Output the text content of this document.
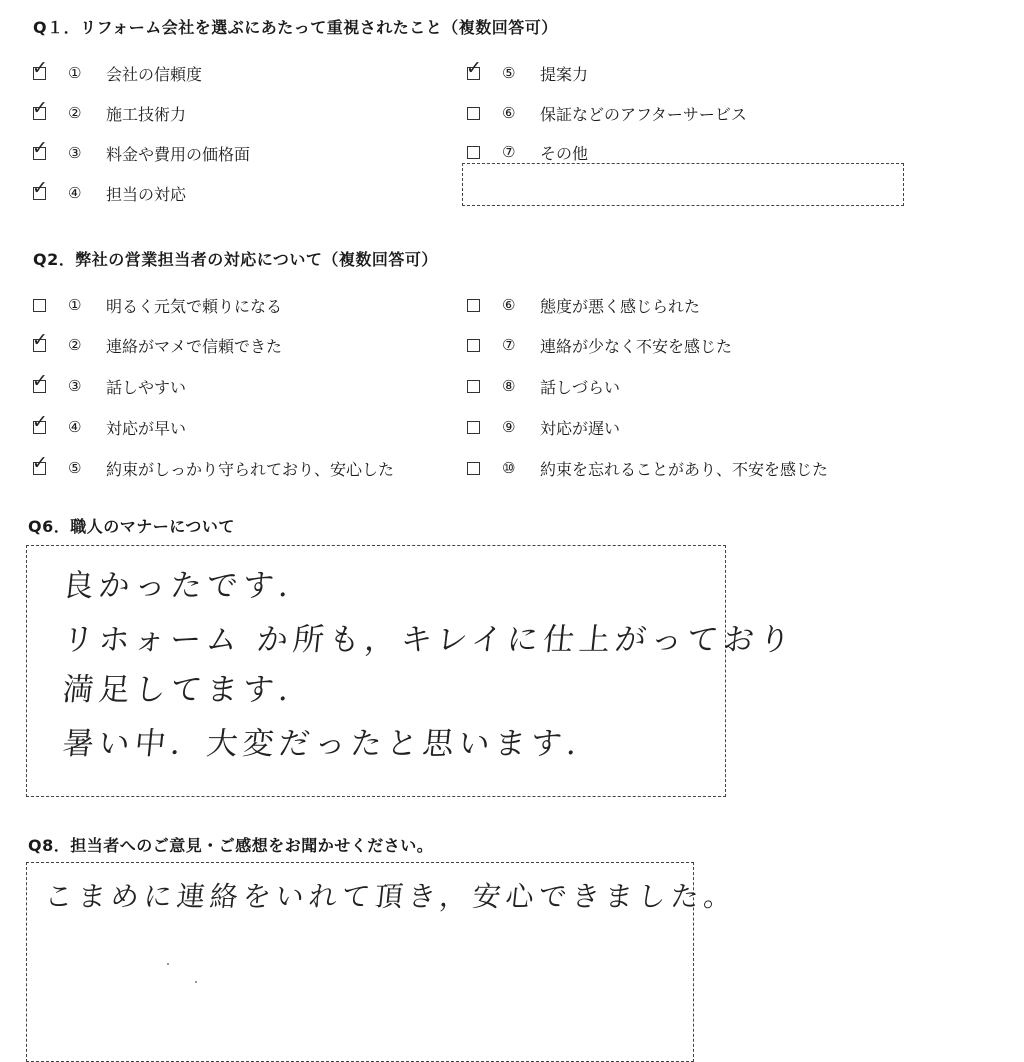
Q１．リフォーム会社を選ぶにあたって重視されたこと（複数回答可）
✓ ①	会社の信頼度
✓ ②	施工技術力
✓ ③	料金や費用の価格面
✓ ④	担当の対応
✓ ⑤	提案力
⑥	保証などのアフターサービス
⑦	その他
Q2．弊社の営業担当者の対応について（複数回答可）
①	明るく元気で頼りになる
✓ ②	連絡がマメで信頼できた
✓ ③	話しやすい
✓ ④	対応が早い
✓ ⑤	約束がしっかり守られており、安心した
⑥	態度が悪く感じられた
⑦	連絡が少なく不安を感じた
⑧	話しづらい
⑨	対応が遅い
⑩	約束を忘れることがあり、不安を感じた
Q6．職人のマナーについて
良かったです.
リホォーム か所も，キレイに仕上がっており
満足してます.
暑い中．大変だったと思います.
Q8．担当者へのご意見・ご感想をお聞かせください。
こまめに連絡をいれて頂き，安心できました。
